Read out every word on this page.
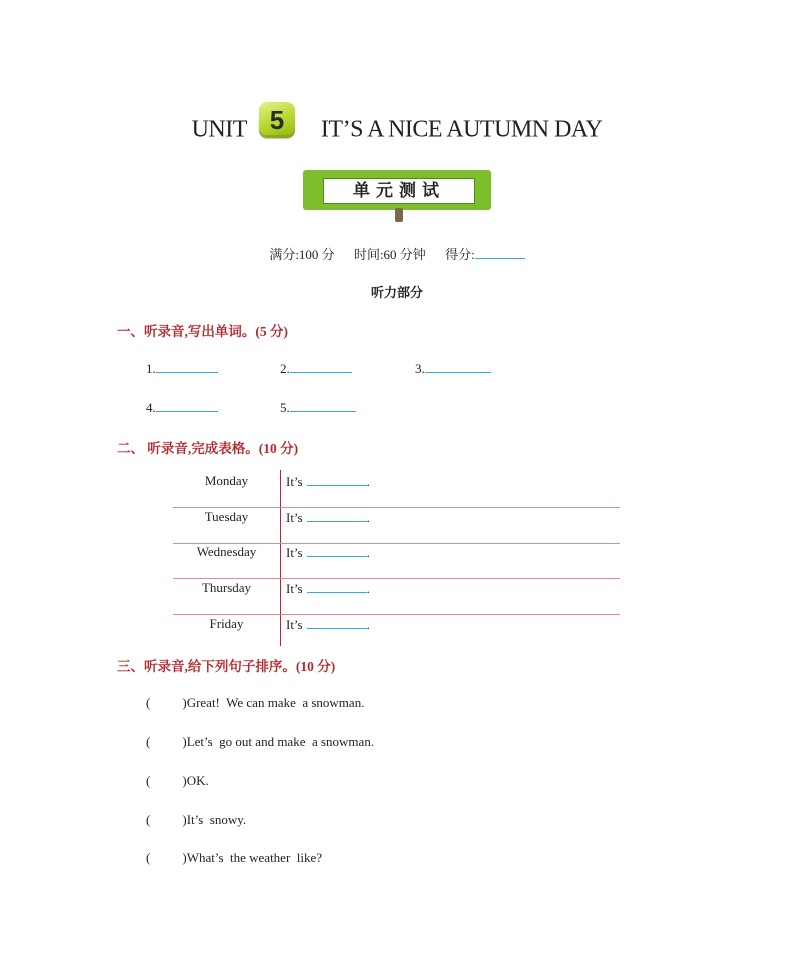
UNIT 5 IT’S A NICE AUTUMN DAY
单元测试
满分:100 分 时间:60 分钟 得分:
听力部分
一、听录音,写出单词。(5 分)
1.	2.	3.
4.	5.
二、 听录音,完成表格。(10 分)
Monday	It’s	.
Tuesday	It’s	.
Wednesday	It’s	.
Thursday	It’s	.
Friday	It’s	.
三、听录音,给下列句子排序。(10 分)
( )Great!  We can make  a snowman.
( )Let’s  go out and make  a snowman.
( )OK.
( )It’s  snowy.
( )What’s  the weather  like?
